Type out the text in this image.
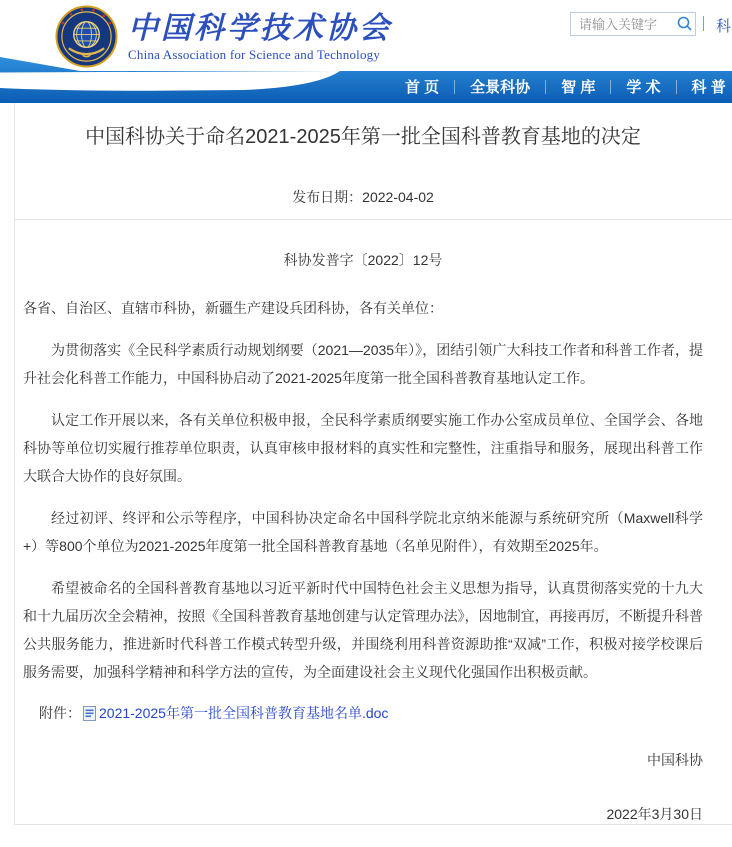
中国科学技术协会
China Association for Science and Technology
请输入关键字
科
首 页 全景科协 智 库 学 术 科 普
中国科协关于命名2021-2025年第一批全国科普教育基地的决定
发布日期：2022-04-02
科协发普字〔2022〕12号
各省、自治区、直辖市科协，新疆生产建设兵团科协，各有关单位：

为贯彻落实《全民科学素质行动规划纲要（2021—2035年）》，团结引领广大科技工作者和科普工作者，提升社会化科普工作能力，中国科协启动了2021-2025年度第一批全国科普教育基地认定工作。

认定工作开展以来，各有关单位积极申报，全民科学素质纲要实施工作办公室成员单位、全国学会、各地科协等单位切实履行推荐单位职责，认真审核申报材料的真实性和完整性，注重指导和服务，展现出科普工作大联合大协作的良好氛围。

经过初评、终评和公示等程序，中国科协决定命名中国科学院北京纳米能源与系统研究所（Maxwell科学+）等800个单位为2021-2025年度第一批全国科普教育基地（名单见附件），有效期至2025年。

希望被命名的全国科普教育基地以习近平新时代中国特色社会主义思想为指导，认真贯彻落实党的十九大和十九届历次全会精神，按照《全国科普教育基地创建与认定管理办法》，因地制宜，再接再厉，不断提升科普公共服务能力，推进新时代科普工作模式转型升级，并围绕利用科普资源助推“双减”工作，积极对接学校课后服务需要，加强科学精神和科学方法的宣传，为全面建设社会主义现代化强国作出积极贡献。

附件： 2021-2025年第一批全国科普教育基地名单.doc
中国科协
2022年3月30日
